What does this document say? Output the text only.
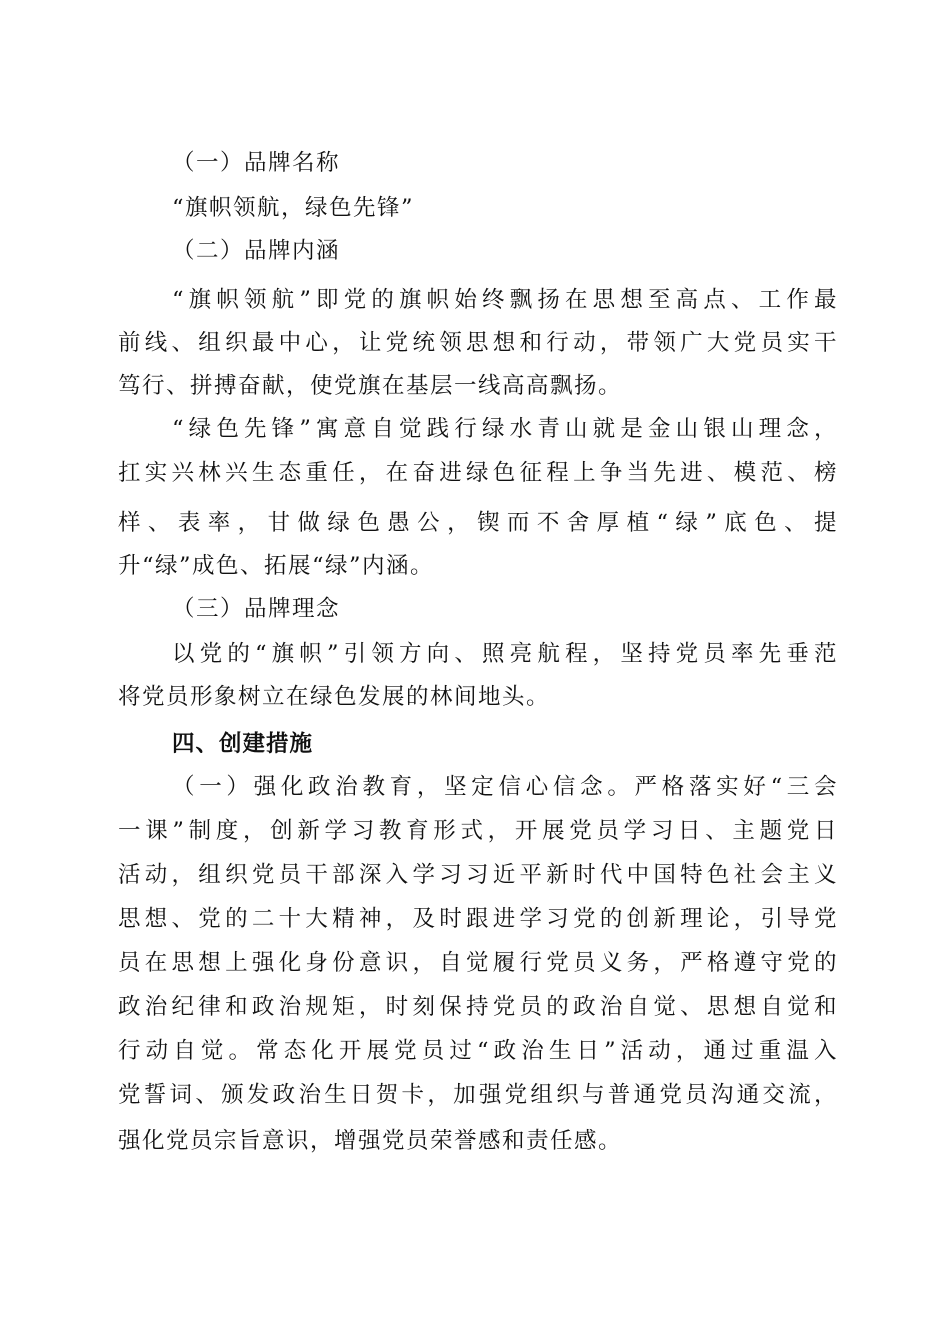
（一）品牌名称

“旗帜领航，绿色先锋”

（二）品牌内涵

“旗帜领航”即党的旗帜始终飘扬在思想至高点、工作最

前线、组织最中心，让党统领思想和行动，带领广大党员实干

笃行、拼搏奋献，使党旗在基层一线高高飘扬。

“绿色先锋”寓意自觉践行绿水青山就是金山银山理念，

扛实兴林兴生态重任，在奋进绿色征程上争当先进、模范、榜

样、表率，甘做绿色愚公，锲而不舍厚植“绿”底色、提

升“绿”成色、拓展“绿”内涵。

（三）品牌理念

以党的“旗帜”引领方向、照亮航程，坚持党员率先垂范

将党员形象树立在绿色发展的林间地头。

四、创建措施

（一）强化政治教育，坚定信心信念。严格落实好“三会

一课”制度，创新学习教育形式，开展党员学习日、主题党日

活动，组织党员干部深入学习习近平新时代中国特色社会主义

思想、党的二十大精神，及时跟进学习党的创新理论，引导党

员在思想上强化身份意识，自觉履行党员义务，严格遵守党的

政治纪律和政治规矩，时刻保持党员的政治自觉、思想自觉和

行动自觉。常态化开展党员过“政治生日”活动，通过重温入

党誓词、颁发政治生日贺卡，加强党组织与普通党员沟通交流，

强化党员宗旨意识，增强党员荣誉感和责任感。
